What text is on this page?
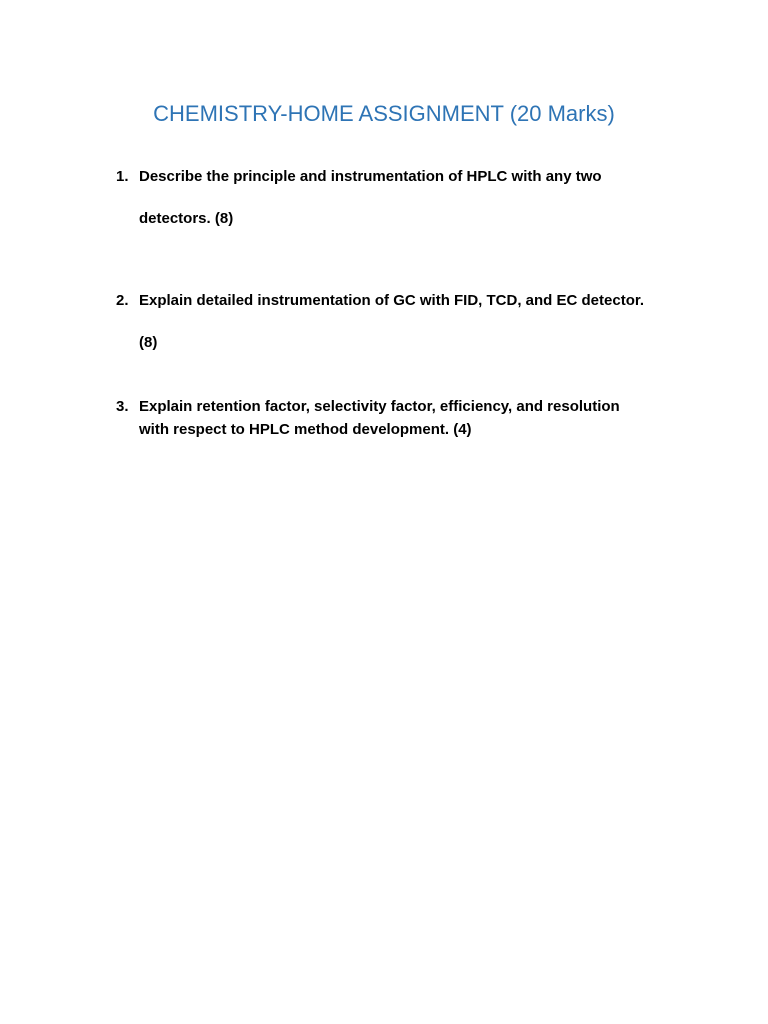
CHEMISTRY-HOME ASSIGNMENT (20 Marks)
1. Describe the principle and instrumentation of HPLC with any two
detectors. (8)
2. Explain detailed instrumentation of GC with FID, TCD, and EC detector.
(8)
3. Explain retention factor, selectivity factor, efficiency, and resolution
with respect to HPLC method development. (4)
